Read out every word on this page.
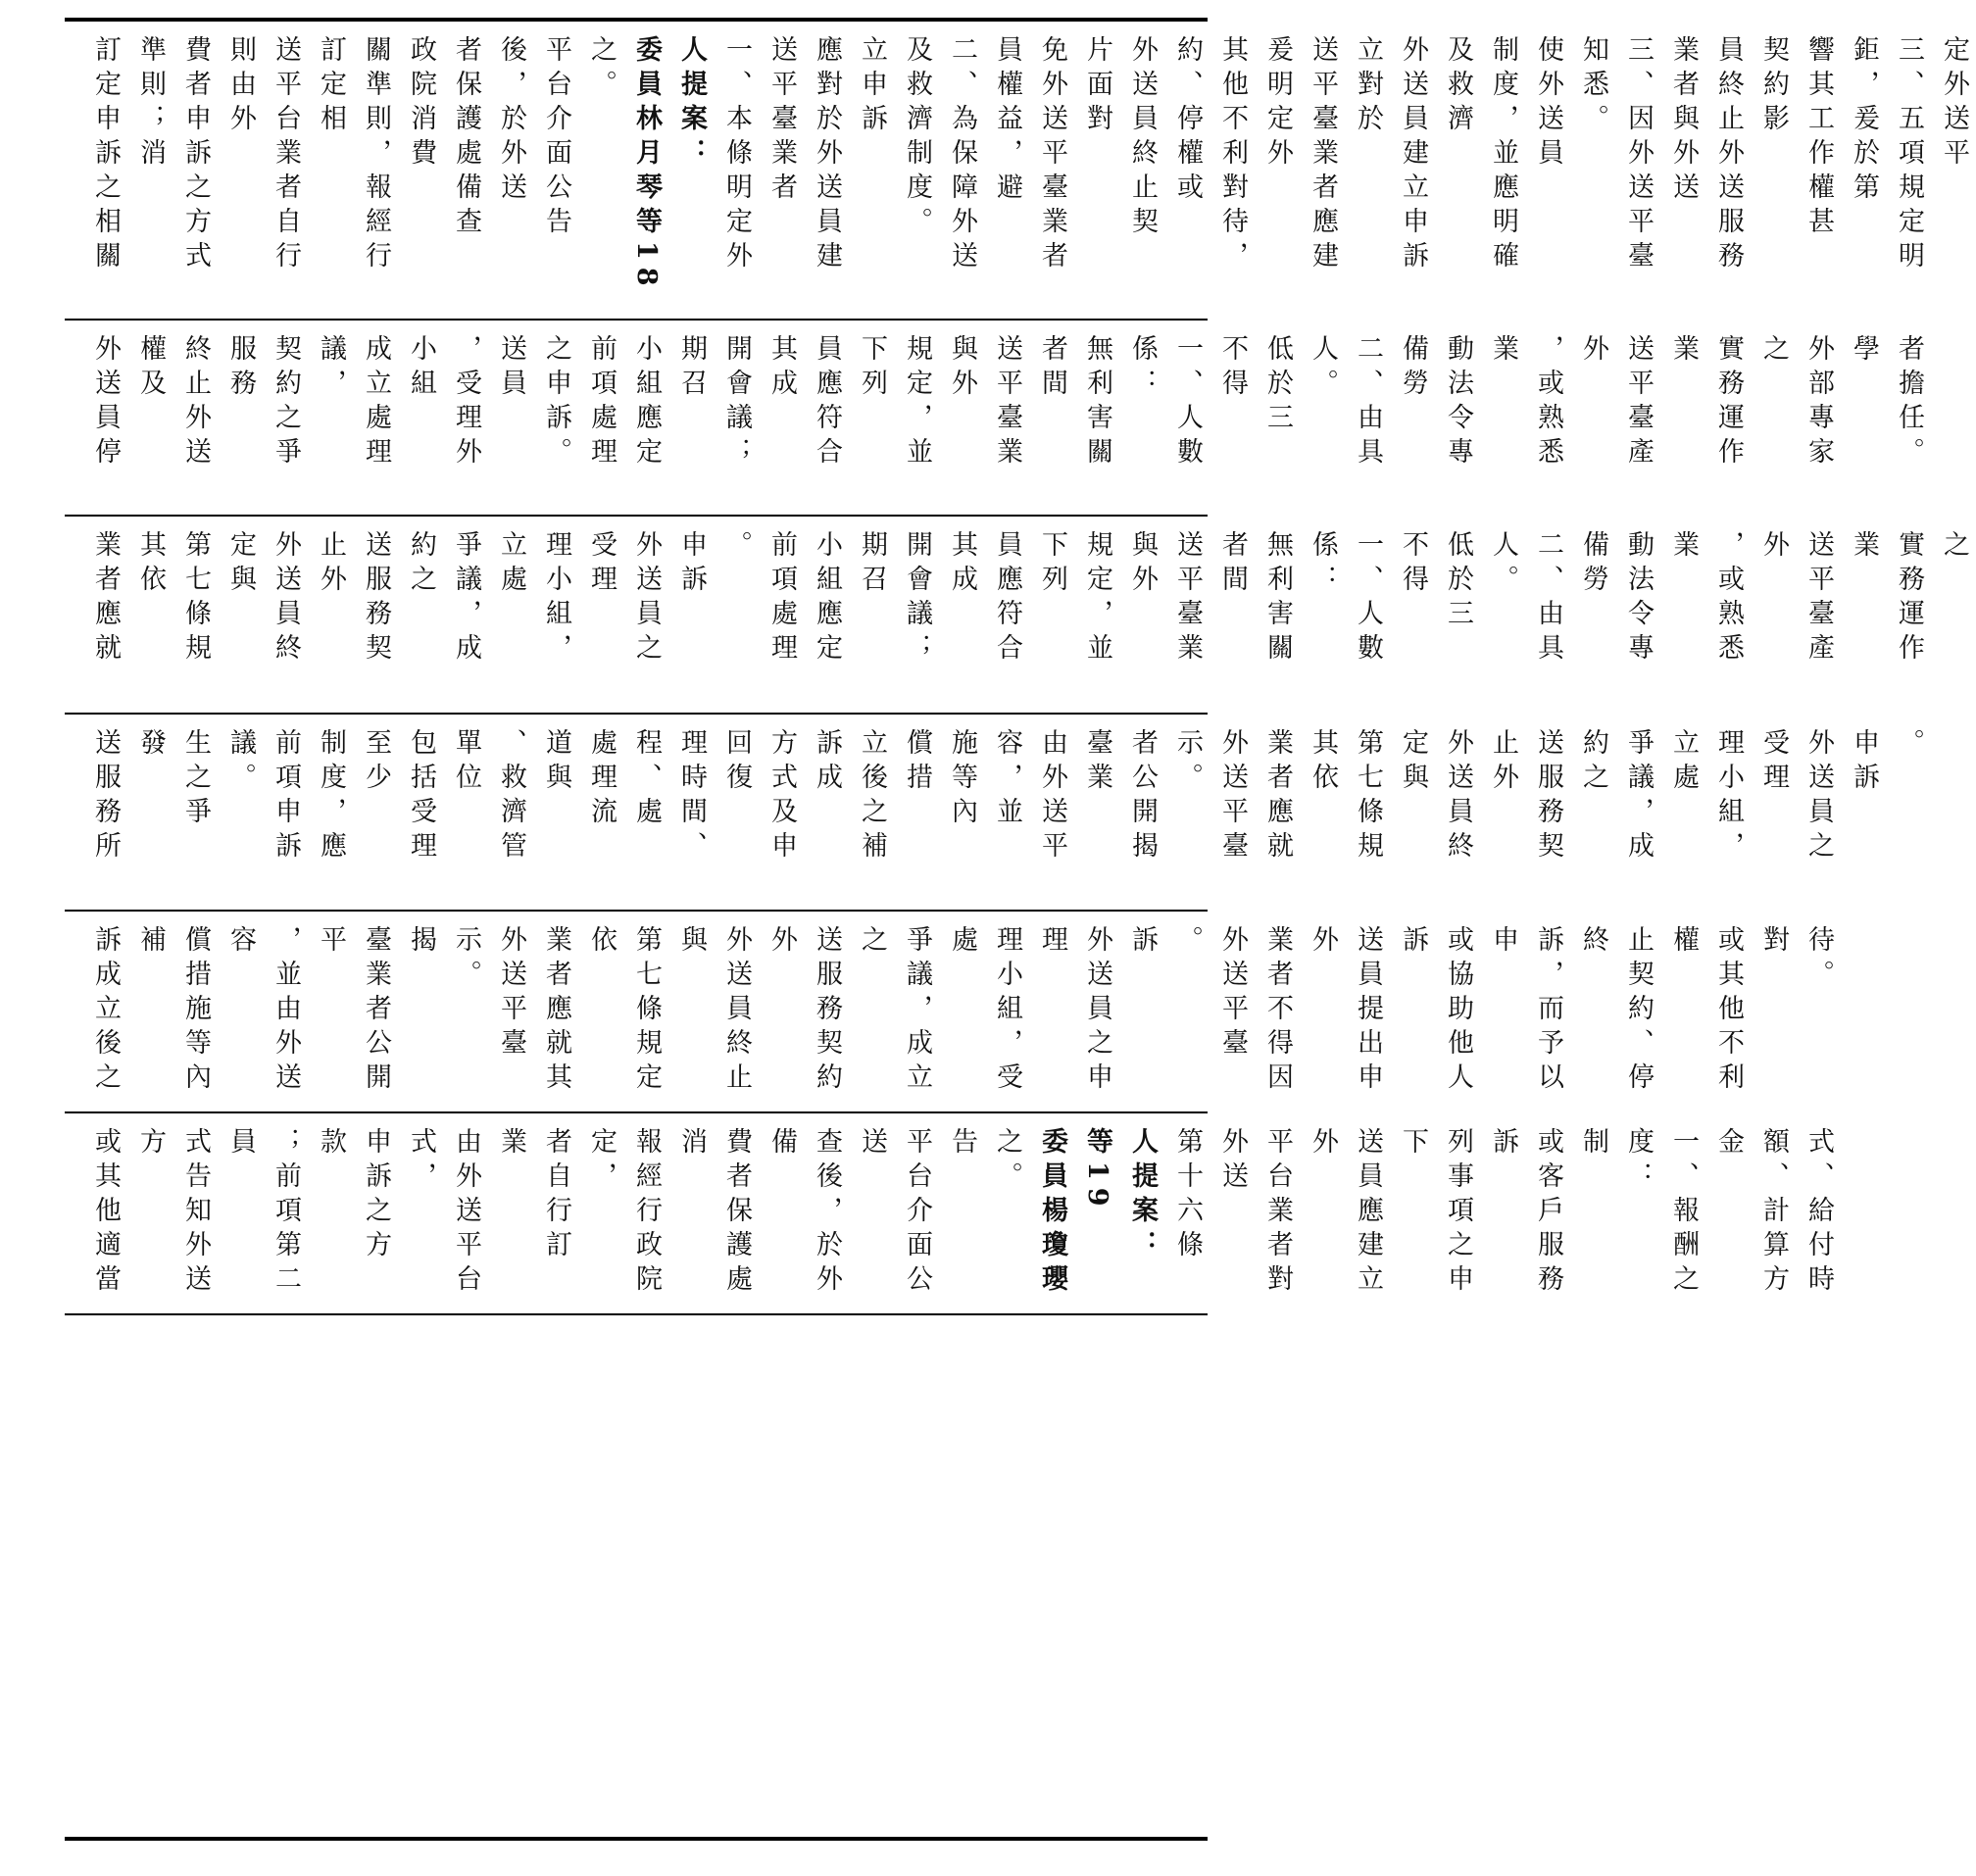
訂定申訴之相關準則；消 費者申訴之方式則由外 送平台業者自行訂定相 關準則，報經行政院消費 者保護處備查後，於外送 平台介面公告之。 委員林月琴等18人提案： 一、本條明定外送平臺業者 應對於外送員建立申訴 及救濟制度。 二、為保障外送員權益，避 免外送平臺業者片面對 外送員終止契約、停權或 其他不利對待，爰明定外 送平臺業者應建立對於 外送員建立申訴及救濟 制度，並應明確使外送員 知悉。 三、因外送平臺業者與外送 員終止外送服務契約影 響其工作權甚鉅，爰於第 三、五項規定明定外送平
外送員停權及 終止外送服務 契約之爭議， 成立處理小組 ，受理外送員 之申訴。 前項處理 小組應定期召 開會議；其成 員應符合下列 規定，並與外 送平臺業者間 無利害關係： 一、人數不得 低於三人。 二、由具備勞 動法令專業 ，或熟悉外 送平臺產業 實務運作之 外部專家學 者擔任。
業者應就其依 第七條規定與 外送員終止外 送服務契約之 爭議，成立處 理小組，受理 外送員之申訴 。 前項處理 小組應定期召 開會議；其成 員應符合下列 規定，並與外 送平臺業者間 無利害關係： 一、人數不得 低於三人。 二、由具備勞 動法令專業 ，或熟悉外 送平臺產業 實務運作之
送服務所發 生之爭議。 前項申訴 制度，應至少 包括受理單位 、救濟管道與 處理流程、處 理時間、回復 方式及申訴成 立後之補償措 施等內容，並 由外送平臺業 者公開揭示。 外送平臺 業者應就其依 第七條規定與 外送員終止外 送服務契約之 爭議，成立處 理小組，受理 外送員之申訴 。
訴成立後之補 償措施等內容 ，並由外送平 臺業者公開揭 示。 外送平臺 業者應就其依 第七條規定與 外送員終止外 送服務契約之 爭議，成立處 理小組，受理 外送員之申訴 。 外送平臺 業者不得因外 送員提出申訴 或協助他人申 訴，而予以終 止契約、停權 或其他不利對 待。
或其他適當方 式告知外送員 ；前項第二款 申訴之方式， 由外送平台業 者自行訂定， 報經行政院消 費者保護處備 查後，於外送 平台介面公告 之。 委員楊瓊瓔等19 人提案： 第十六條　外送 平台業者對外 送員應建立下 列事項之申訴 或客戶服務制 度： 一、報酬之金 額、計算方 式、給付時
